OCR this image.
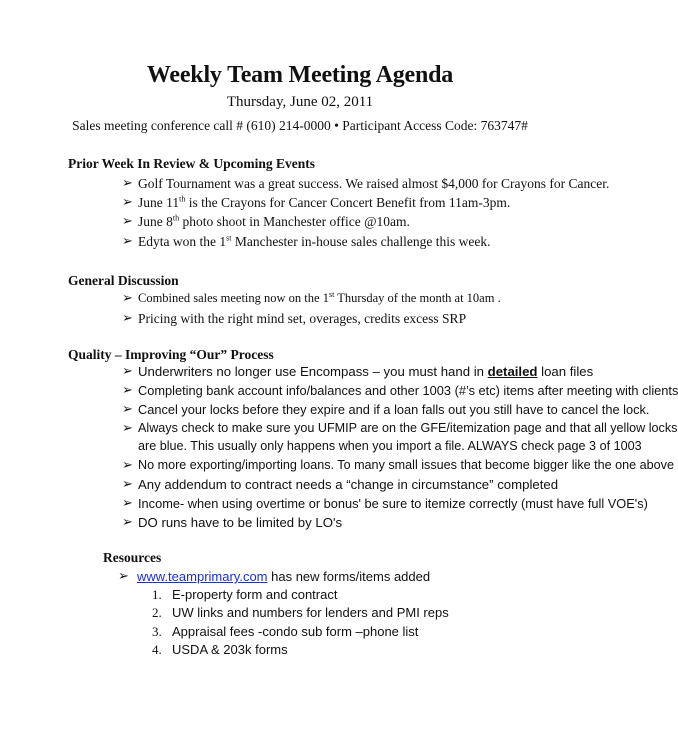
Weekly Team Meeting Agenda
Thursday, June 02, 2011
Sales meeting conference call # (610) 214-0000 • Participant Access Code: 763747#
Prior Week In Review & Upcoming Events
➢ Golf Tournament was a great success. We raised almost $4,000 for Crayons for Cancer.
➢ June 11th is the Crayons for Cancer Concert Benefit from 11am-3pm.
➢ June 8th photo shoot in Manchester office @10am.
➢ Edyta won the 1st Manchester in-house sales challenge this week.
General Discussion
➢ Combined sales meeting now on the 1st Thursday of the month at 10am .
➢ Pricing with the right mind set, overages, credits excess SRP
Quality – Improving “Our” Process
➢ Underwriters no longer use Encompass – you must hand in detailed loan files
➢ Completing bank account info/balances and other 1003 (#’s etc) items after meeting with clients
➢ Cancel your locks before they expire and if a loan falls out you still have to cancel the lock.
➢ Always check to make sure you UFMIP are on the GFE/itemization page and that all yellow locks
are blue. This usually only happens when you import a file. ALWAYS check page 3 of 1003
➢ No more exporting/importing loans. To many small issues that become bigger like the one above
➢ Any addendum to contract needs a “change in circumstance” completed
➢ Income- when using overtime or bonus' be sure to itemize correctly (must have full VOE's)
➢ DO runs have to be limited by LO's
Resources
➢ www.teamprimary.com has new forms/items added
1. E-property form and contract
2. UW links and numbers for lenders and PMI reps
3. Appraisal fees -condo sub form –phone list
4. USDA & 203k forms
